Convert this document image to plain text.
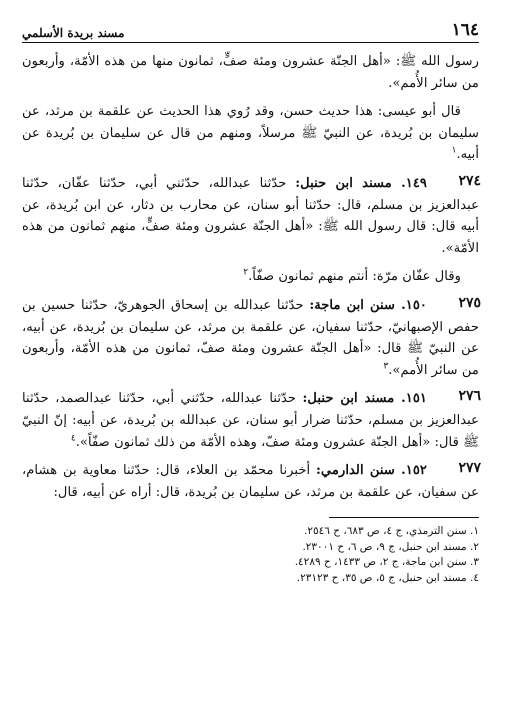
١٦٤
مسند بريدة الأسلمي

رسول الله ﷺ: «أهل الجنّة عشرون ومئة صفٍّ، ثمانون منها من هذه الأمّة، وأربعون من سائر الأُمم».

قال أبو عيسى: هذا حديث حسن، وقد رُوي هذا الحديث عن علقمة بن مرثد، عن سليمان بن بُريدة، عن النبيّ ﷺ مرسلاً، ومنهم من قال عن سليمان بن بُريدة عن أبيه.$^١$

٢٧٤

١٤٩. مسند ابن حنبل: حدّثنا عبدالله، حدّثني أبي، حدّثنا عفّان، حدّثنا عبدالعزيز بن مسلم، قال: حدّثنا أبو سنان، عن محارب بن دثار، عن ابن بُريدة، عن أبيه قال: قال رسول الله ﷺ: «أهل الجنّة عشرون ومئة صفٍّ، منهم ثمانون من هذه الأمّة».

وقال عفّان مرّة: أنتم منهم ثمانون صفّاً.$^٢$

٢٧٥

١٥٠. سنن ابن ماجة: حدّثنا عبدالله بن إسحاق الجوهريّ، حدّثنا حسين بن حفص الإصبهانيّ، حدّثنا سفيان، عن علقمة بن مرثد، عن سليمان بن بُريدة، عن أبيه، عن النبيّ ﷺ قال: «أهل الجنّة عشرون ومئة صفّ، ثمانون من هذه الأمّة، وأربعون من سائر الأُمم».$^٣$

٢٧٦

١٥١. مسند ابن حنبل: حدّثنا عبدالله، حدّثني أبي، حدّثنا عبدالصمد، حدّثنا عبدالعزيز بن مسلم، حدّثنا ضرار أبو سنان، عن عبدالله بن بُريدة، عن أبيه: إنّ النبيّ ﷺ قال: «أهل الجنّة عشرون ومئة صفّ، وهذه الأمّة من ذلك ثمانون صفّاً».$^٤$

٢٧٧

١٥٢. سنن الدارمي: أخبرنا محمّد بن العلاء، قال: حدّثنا معاوية بن هشام، عن سفيان، عن علقمة بن مرثد، عن سليمان بن بُريدة، قال: أراه عن أبيه، قال:

١. سنن الترمذي، ج ٤، ص ٦٨٣، ح ٢٥٤٦.
٢. مسند ابن حنبل، ج ٩، ص ٦، ح ٢٣٠٠١.
٣. سنن ابن ماجة، ج ٢، ص ١٤٣٣، ح ٤٢٨٩.
٤. مسند ابن حنبل، ج ٥، ص ٣٥، ح ٢٣١٢٣.
